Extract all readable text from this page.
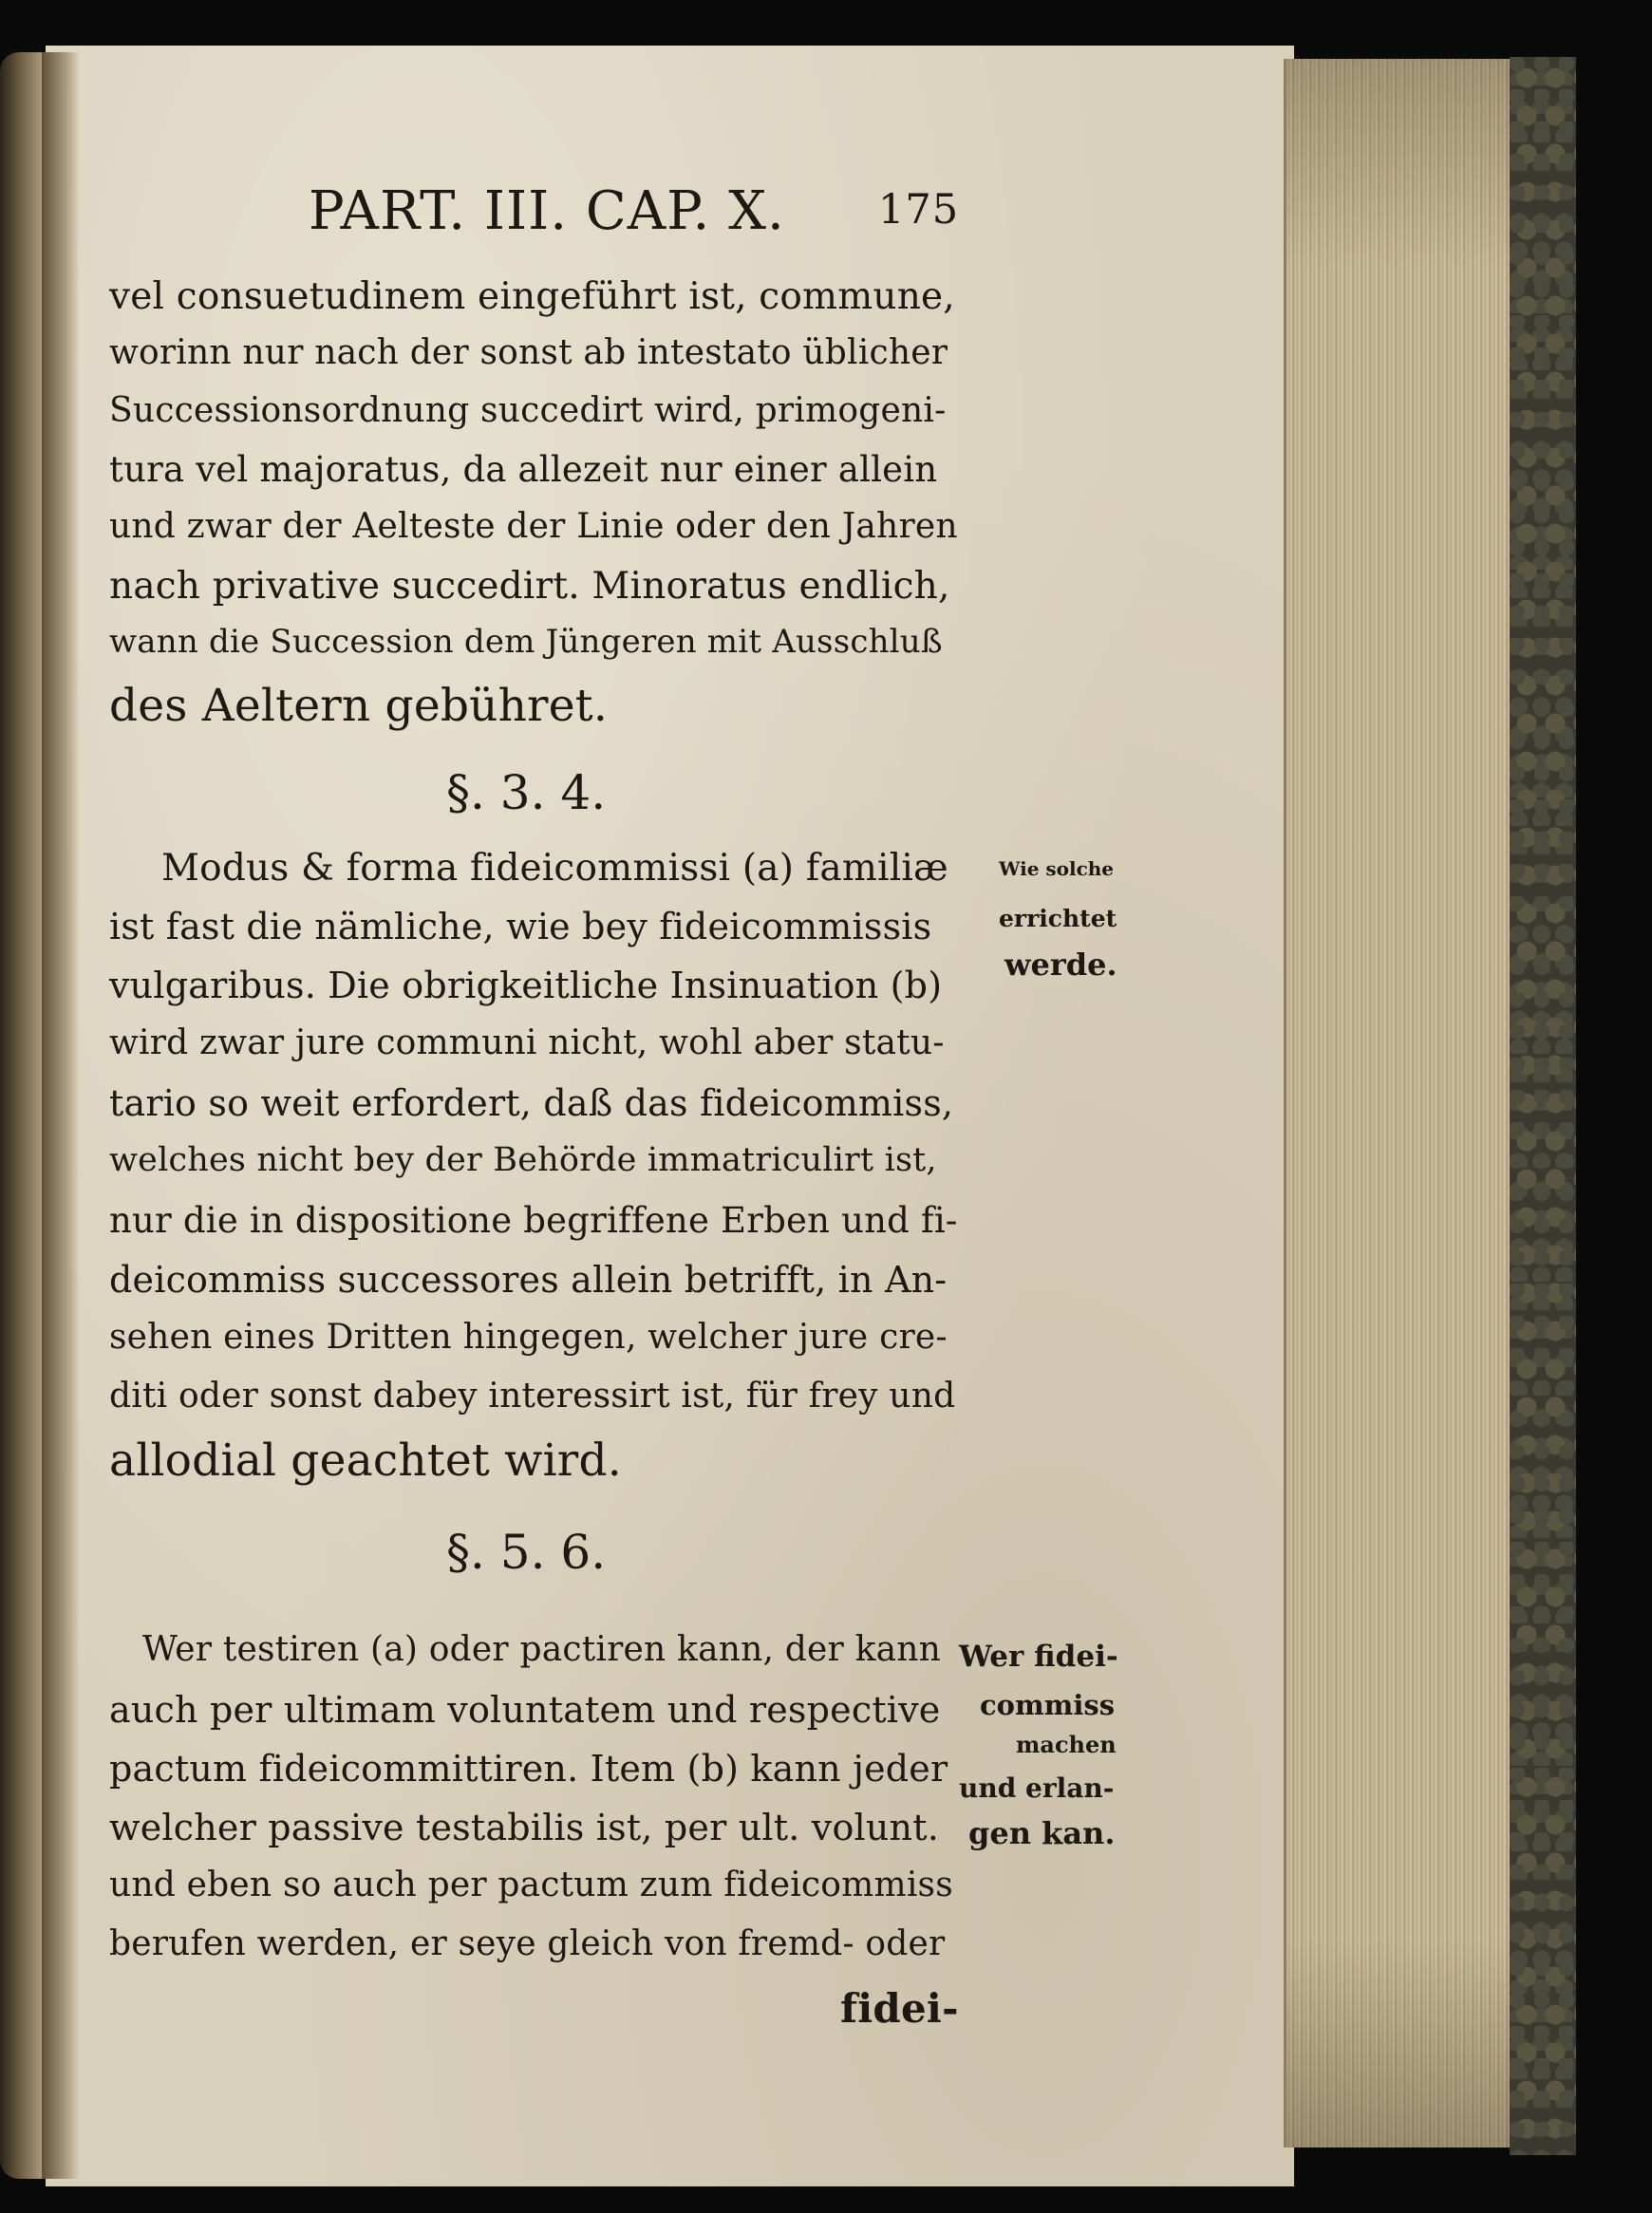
PART. III. CAP. X. 175
vel consuetudinem eingeführt ist, commune,
worinn nur nach der sonst ab intestato üblicher
Successionsordnung succedirt wird, primogeni-
tura vel majoratus, da allezeit nur einer allein
und zwar der Aelteste der Linie oder den Jahren
nach privative succedirt. Minoratus endlich,
wann die Succession dem Jüngeren mit Ausschluß
des Aeltern gebühret.
§. 3. 4.
Modus & forma fideicommissi (a) familiæ
ist fast die nämliche, wie bey fideicommissis
vulgaribus. Die obrigkeitliche Insinuation (b)
wird zwar jure communi nicht, wohl aber statu-
tario so weit erfordert, daß das fideicommiss,
welches nicht bey der Behörde immatriculirt ist,
nur die in dispositione begriffene Erben und fi-
deicommiss successores allein betrifft, in An-
sehen eines Dritten hingegen, welcher jure cre-
diti oder sonst dabey interessirt ist, für frey und
allodial geachtet wird.
Wie solche
errichtet
werde.
§. 5. 6.
Wer testiren (a) oder pactiren kann, der kann
auch per ultimam voluntatem und respective
pactum fideicommittiren. Item (b) kann jeder
welcher passive testabilis ist, per ult. volunt.
und eben so auch per pactum zum fideicommiss
berufen werden, er seye gleich von fremd- oder
Wer fidei-
commiss
machen
und erlan-
gen kan.
fidei-
